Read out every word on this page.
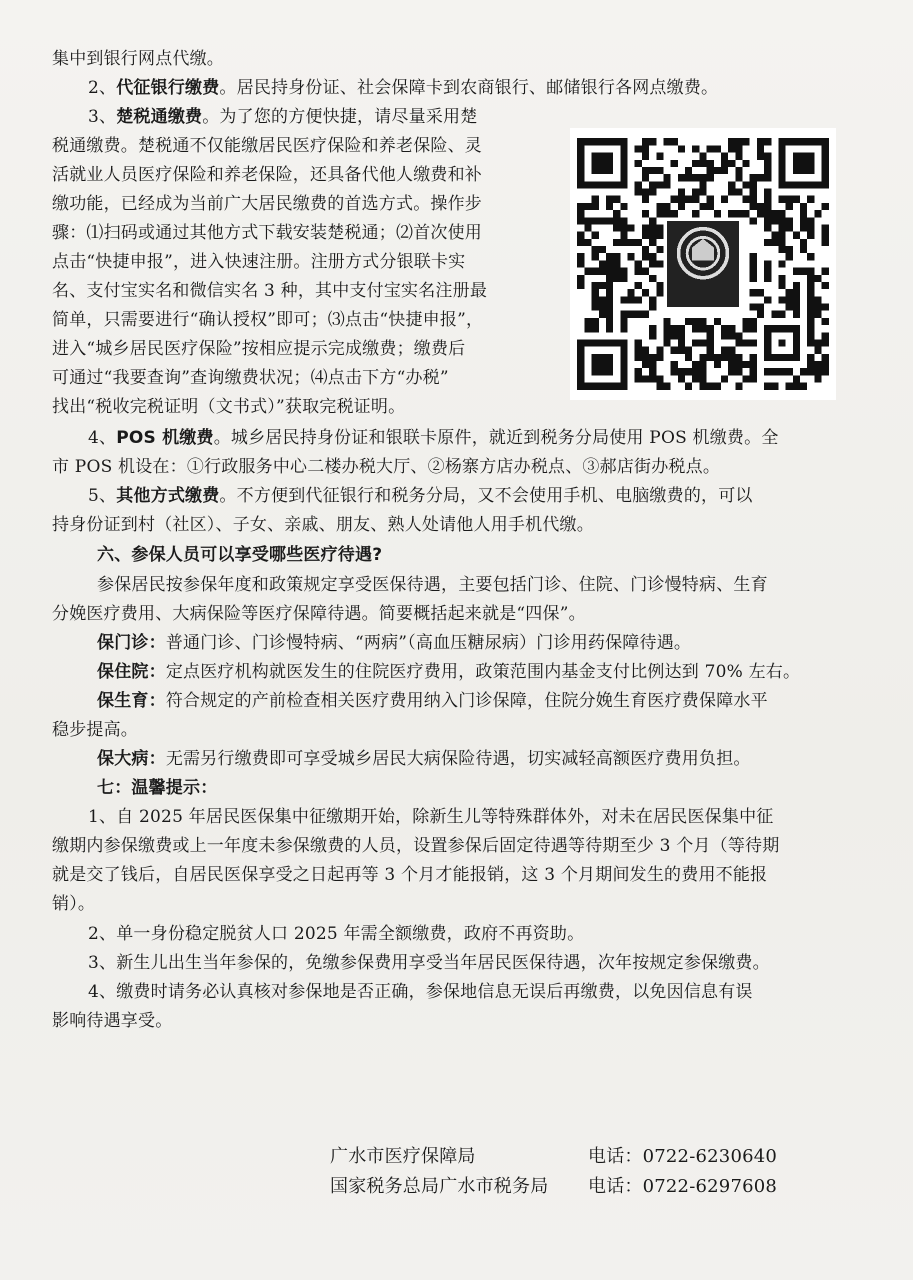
集中到银行网点代缴。
2、代征银行缴费。居民持身份证、社会保障卡到农商银行、邮储银行各网点缴费。
3、楚税通缴费。为了您的方便快捷，请尽量采用楚
税通缴费。楚税通不仅能缴居民医疗保险和养老保险、灵
活就业人员医疗保险和养老保险，还具备代他人缴费和补
缴功能，已经成为当前广大居民缴费的首选方式。操作步
骤：⑴扫码或通过其他方式下载安装楚税通；⑵首次使用
点击“快捷申报”，进入快速注册。注册方式分银联卡实
名、支付宝实名和微信实名 3 种，其中支付宝实名注册最
简单，只需要进行“确认授权”即可；⑶点击“快捷申报”，
进入“城乡居民医疗保险”按相应提示完成缴费；缴费后
可通过“我要查询”查询缴费状况；⑷点击下方“办税”
找出“税收完税证明（文书式）”获取完税证明。
4、POS 机缴费。城乡居民持身份证和银联卡原件，就近到税务分局使用 POS 机缴费。全
市 POS 机设在：①行政服务中心二楼办税大厅、②杨寨方店办税点、③郝店街办税点。
5、其他方式缴费。不方便到代征银行和税务分局，又不会使用手机、电脑缴费的，可以
持身份证到村（社区）、子女、亲戚、朋友、熟人处请他人用手机代缴。
六、参保人员可以享受哪些医疗待遇?
参保居民按参保年度和政策规定享受医保待遇，主要包括门诊、住院、门诊慢特病、生育
分娩医疗费用、大病保险等医疗保障待遇。简要概括起来就是“四保”。
保门诊：普通门诊、门诊慢特病、“两病”（高血压糖尿病）门诊用药保障待遇。
保住院：定点医疗机构就医发生的住院医疗费用，政策范围内基金支付比例达到 70% 左右。
保生育：符合规定的产前检查相关医疗费用纳入门诊保障，住院分娩生育医疗费保障水平
稳步提高。
保大病：无需另行缴费即可享受城乡居民大病保险待遇，切实减轻高额医疗费用负担。
七：温馨提示：
1、自 2025 年居民医保集中征缴期开始，除新生儿等特殊群体外，对未在居民医保集中征
缴期内参保缴费或上一年度未参保缴费的人员，设置参保后固定待遇等待期至少 3 个月（等待期
就是交了钱后，自居民医保享受之日起再等 3 个月才能报销，这 3 个月期间发生的费用不能报
销）。
2、单一身份稳定脱贫人口 2025 年需全额缴费，政府不再资助。
3、新生儿出生当年参保的，免缴参保费用享受当年居民医保待遇，次年按规定参保缴费。
4、缴费时请务必认真核对参保地是否正确，参保地信息无误后再缴费，以免因信息有误
影响待遇享受。
广水市医疗保障局	电话：0722-6230640
国家税务总局广水市税务局 电话：0722-6297608
